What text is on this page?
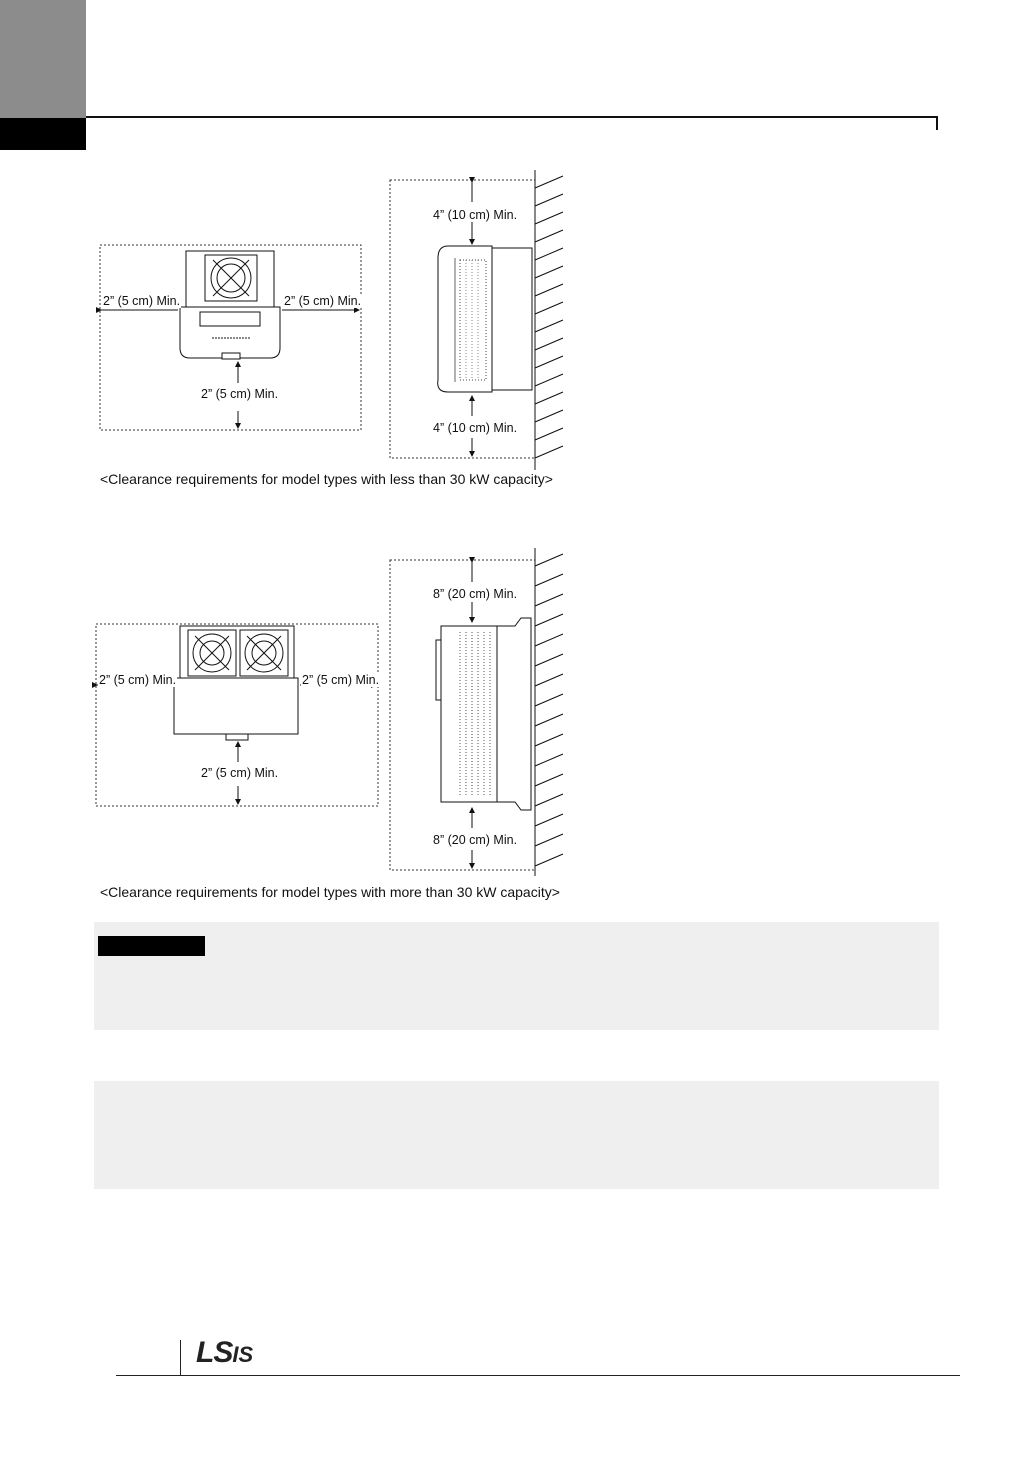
2” (5 cm) Min.	2” (5 cm) Min.
2” (5 cm) Min.
4” (10 cm) Min.
4” (10 cm) Min.
<Clearance requirements for model types with less than 30 kW capacity>
2” (5 cm) Min.	2” (5 cm) Min.
2” (5 cm) Min.
8” (20 cm) Min.
8” (20 cm) Min.
<Clearance requirements for model types with more than 30 kW capacity>
LSIS
